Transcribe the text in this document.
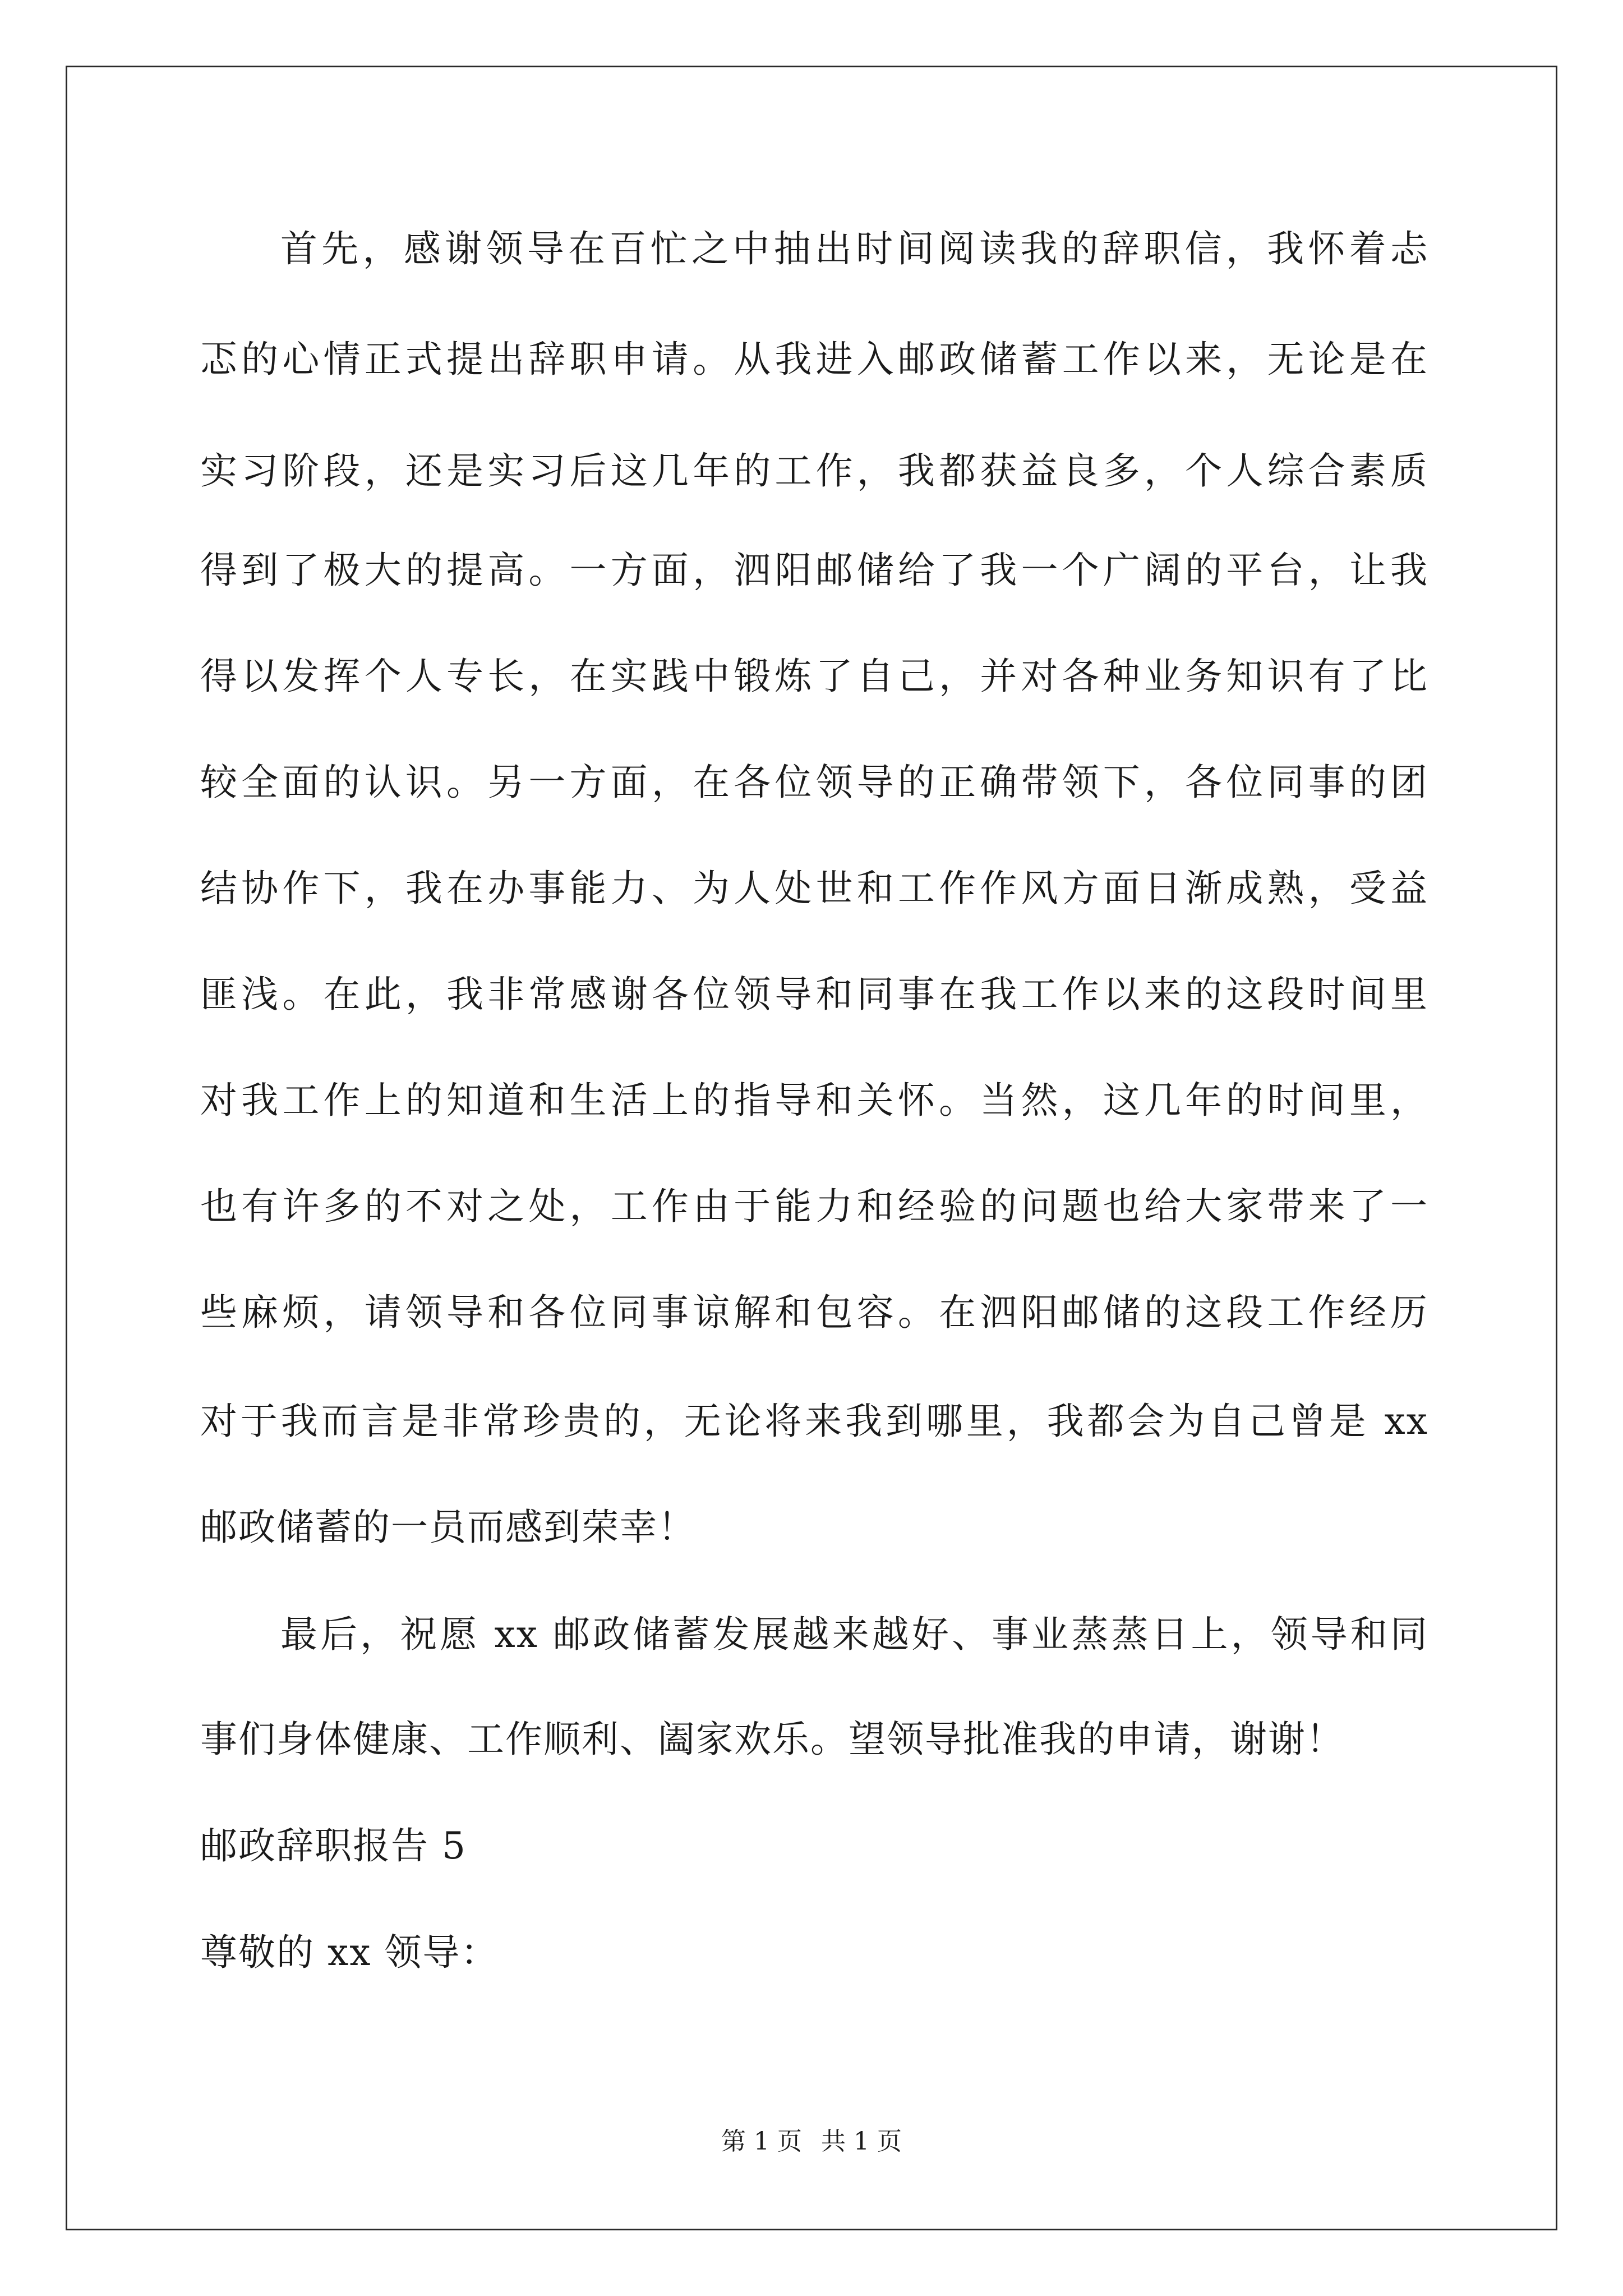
首先，感谢领导在百忙之中抽出时间阅读我的辞职信，我怀着忐
忑的心情正式提出辞职申请。从我进入邮政储蓄工作以来，无论是在
实习阶段，还是实习后这几年的工作，我都获益良多，个人综合素质
得到了极大的提高。一方面，泗阳邮储给了我一个广阔的平台，让我
得以发挥个人专长，在实践中锻炼了自己，并对各种业务知识有了比
较全面的认识。另一方面，在各位领导的正确带领下，各位同事的团
结协作下，我在办事能力、为人处世和工作作风方面日渐成熟，受益
匪浅。在此，我非常感谢各位领导和同事在我工作以来的这段时间里
对我工作上的知道和生活上的指导和关怀。当然，这几年的时间里，
也有许多的不对之处，工作由于能力和经验的问题也给大家带来了一
些麻烦，请领导和各位同事谅解和包容。在泗阳邮储的这段工作经历
对于我而言是非常珍贵的，无论将来我到哪里，我都会为自己曾是 xx
邮政储蓄的一员而感到荣幸！
最后，祝愿 xx 邮政储蓄发展越来越好、事业蒸蒸日上，领导和同
事们身体健康、工作顺利、阖家欢乐。望领导批准我的申请，谢谢！
邮政辞职报告 5
尊敬的 xx 领导：
第 1 页 共 1 页
